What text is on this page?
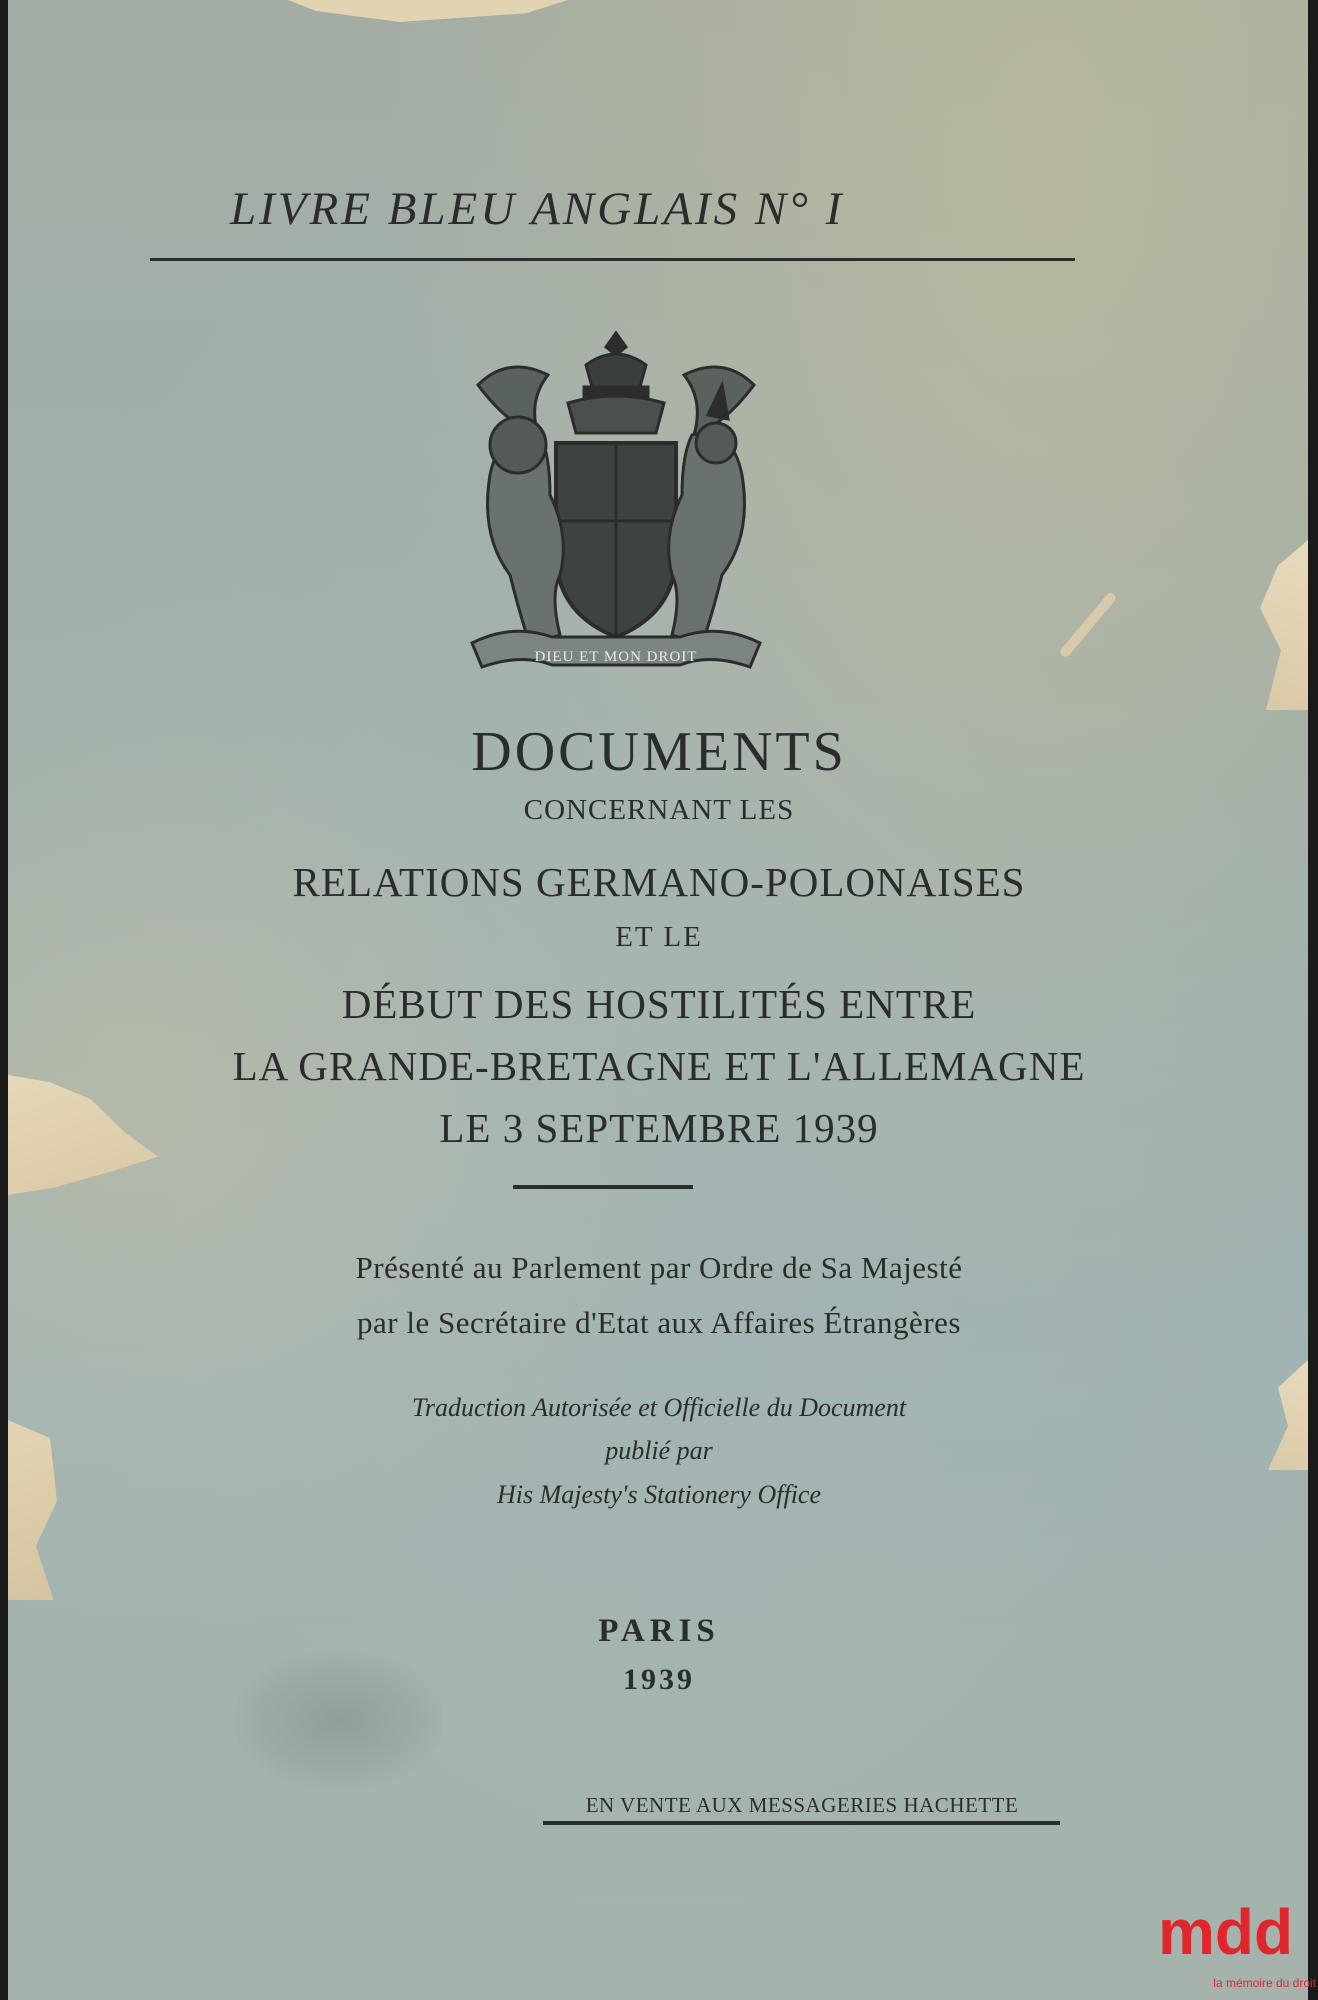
LIVRE BLEU ANGLAIS N° I
DIEU ET MON DROIT
DOCUMENTS
CONCERNANT LES
RELATIONS GERMANO-POLONAISES
ET LE
DÉBUT DES HOSTILITÉS ENTRE
LA GRANDE-BRETAGNE ET L'ALLEMAGNE
LE 3 SEPTEMBRE 1939
Présenté au Parlement par Ordre de Sa Majesté
par le Secrétaire d'Etat aux Affaires Étrangères
Traduction Autorisée et Officielle du Document
publié par
His Majesty's Stationery Office
PARIS
1939
EN VENTE AUX MESSAGERIES HACHETTE
mdd
la mémoire du droit
